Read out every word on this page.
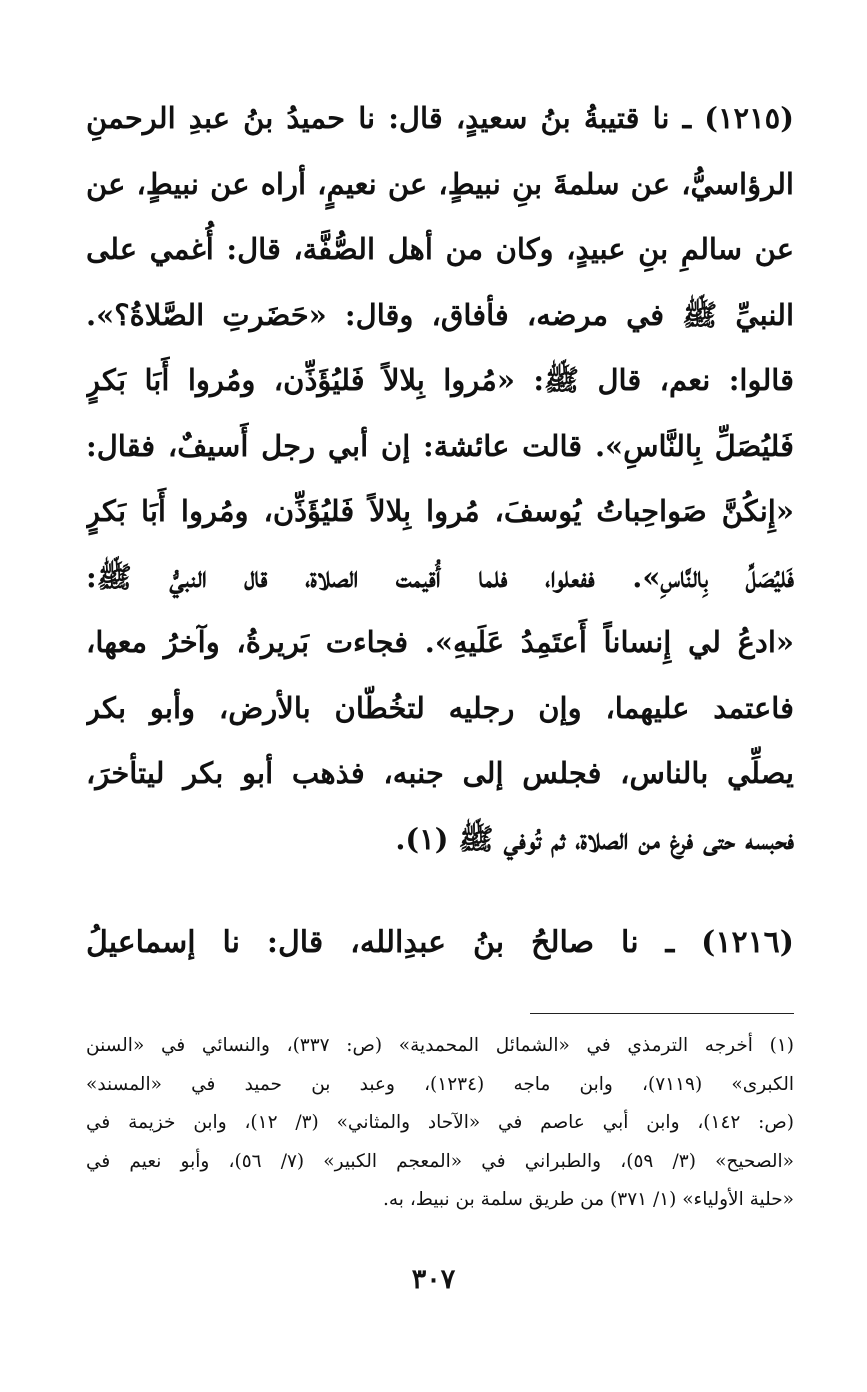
(١٢١٥) ـ نا قتيبةُ بنُ سعيدٍ، قال: نا حميدُ بنُ عبدِ الرحمنِ
الرؤاسيُّ، عن سلمةَ بنِ نبيطٍ، عن نعيمٍ، أراه عن نبيطٍ، عن
عن سالمِ بنِ عبيدٍ، وكان من أهل الصُّفَّة، قال: أُغمي على
النبيِّ ﷺ في مرضه، فأفاق، وقال: «حَضَرتِ الصَّلاةُ؟».
قالوا: نعم، قال ﷺ: «مُروا بِلالاً فَليُؤَذِّن، ومُروا أَبَا بَكرٍ
فَليُصَلِّ بِالنَّاسِ». قالت عائشة: إن أبي رجل أَسيفٌ، فقال:
«إِنكُنَّ صَواحِباتُ يُوسفَ، مُروا بِلالاً فَليُؤَذِّن، ومُروا أَبَا بَكرٍ
فَليُصَلِّ بِالنَّاسِ». ففعلوا، فلما أُقيمت الصلاة، قال النبيُّ ﷺ:
«ادعُ لي إِنساناً أَعتَمِدُ عَلَيهِ». فجاءت بَريرةُ، وآخرُ معها،
فاعتمد عليهما، وإن رجليه لتخُطّان بالأرض، وأبو بكر
يصلِّي بالناس، فجلس إلى جنبه، فذهب أبو بكر ليتأخرَ،
فحبسه حتى فرغ من الصلاة، ثم تُوفي ﷺ (١).
(١٢١٦) ـ نا صالحُ بنُ عبدِالله، قال: نا إسماعيلُ
(١) أخرجه الترمذي في «الشمائل المحمدية» (ص: ٣٣٧)، والنسائي في «السنن
الكبرى» (٧١١٩)، وابن ماجه (١٢٣٤)، وعبد بن حميد في «المسند»
(ص: ١٤٢)، وابن أبي عاصم في «الآحاد والمثاني» (٣/ ١٢)، وابن خزيمة في
«الصحيح» (٣/ ٥٩)، والطبراني في «المعجم الكبير» (٧/ ٥٦)، وأبو نعيم في
«حلية الأولياء» (١/ ٣٧١) من طريق سلمة بن نبيط، به.
٣٠٧
